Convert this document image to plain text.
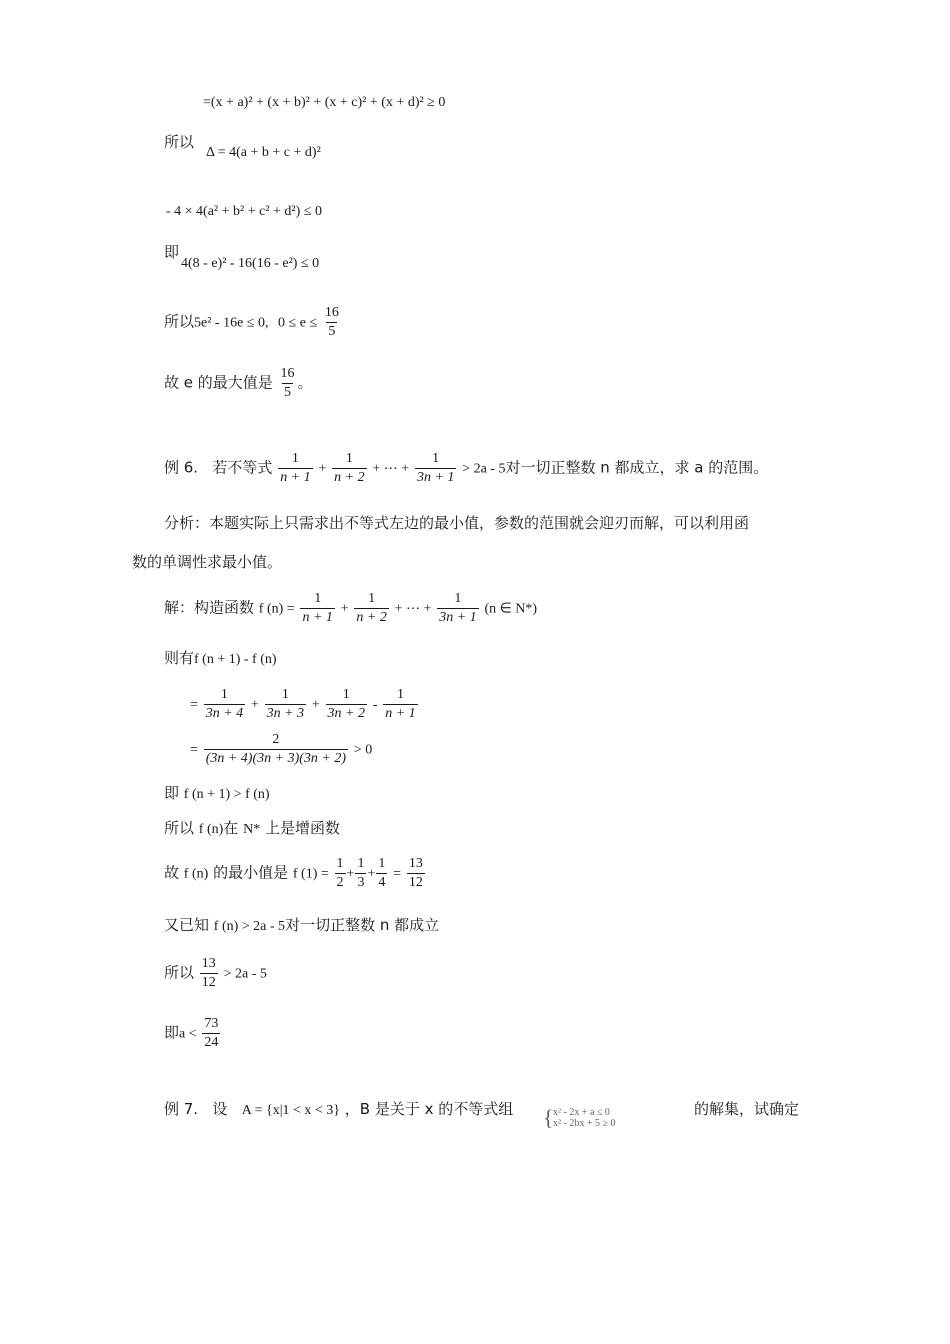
=(x + a)² + (x + b)² + (x + c)² + (x + d)² ≥ 0
所以
Δ = 4(a + b + c + d)²
- 4 × 4(a² + b² + c² + d²) ≤ 0
即
4(8 - e)² - 16(16 - e²) ≤ 0
所以5e² - 16e ≤ 0, $0 \le e \le \frac{16}{5}$
故 e 的最大值是 $\frac{16}{5}$ 。
例 6. 若不等式 $\frac{1}{n + 1} + \frac{1}{n + 2}$ + ⋯ + $\frac{1}{3n + 1} > 2a - 5$对一切正整数 n 都成立，求 a 的范围。
分析：本题实际上只需求出不等式左边的最小值，参数的范围就会迎刃而解，可以利用函
数的单调性求最小值。
解：构造函数 f $(n) = \frac{1}{n + 1} + \frac{1}{n + 2}$ + ⋯ + $\frac{1}{3n + 1} (n$ ∈ N*)
则有f (n + 1) - f (n)
= $\frac{1}{3n + 4} + \frac{1}{3n + 3} + \frac{1}{3n + 2} - \frac{1}{n + 1}$
= $\frac{2}{(3n + 4)(3n + 3)(3n + 2)} > 0$
即 f (n + 1) > f (n)
所以 f (n)在 N* 上是增函数
故 f (n) 的最小值是 f $(1) = \frac{1}{2} + \frac{1}{3} + \frac{1}{4} = \frac{13}{12}$
又已知 f (n) > 2a - 5对一切正整数 n 都成立
所以 $\frac{13}{12} > 2a - 5$
即$a < \frac{73}{24}$
例 7. 设 A = {x|1 < x < 3} ，B 是关于 x 的不等式组 { x² - 2x + a ≤ 0
x² - 2bx + 5 ≥ 0
的解集，试确定
